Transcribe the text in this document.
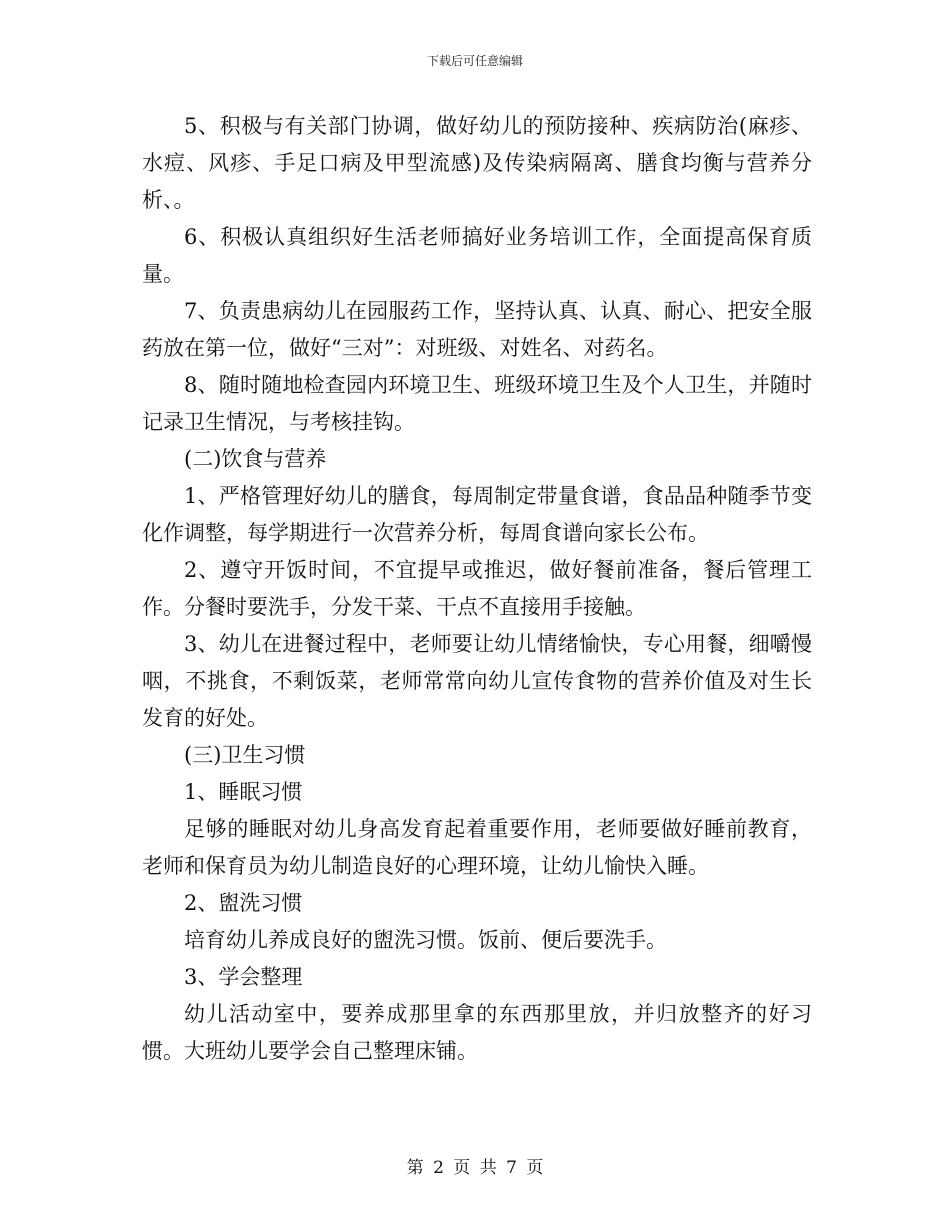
下载后可任意编辑

5、积极与有关部门协调，做好幼儿的预防接种、疾病防治(麻疹、水痘、风疹、手足口病及甲型流感)及传染病隔离、膳食均衡与营养分析、。

6、积极认真组织好生活老师搞好业务培训工作，全面提高保育质量。

7、负责患病幼儿在园服药工作，坚持认真、认真、耐心、把安全服药放在第一位，做好“三对”：对班级、对姓名、对药名。

8、随时随地检查园内环境卫生、班级环境卫生及个人卫生，并随时记录卫生情况，与考核挂钩。

(二)饮食与营养

1、严格管理好幼儿的膳食，每周制定带量食谱，食品品种随季节变化作调整，每学期进行一次营养分析，每周食谱向家长公布。

2、遵守开饭时间，不宜提早或推迟，做好餐前准备，餐后管理工作。分餐时要洗手，分发干菜、干点不直接用手接触。

3、幼儿在进餐过程中，老师要让幼儿情绪愉快，专心用餐，细嚼慢咽，不挑食，不剩饭菜，老师常常向幼儿宣传食物的营养价值及对生长发育的好处。

(三)卫生习惯

1、睡眠习惯

足够的睡眠对幼儿身高发育起着重要作用，老师要做好睡前教育，老师和保育员为幼儿制造良好的心理环境，让幼儿愉快入睡。

2、盥洗习惯

培育幼儿养成良好的盥洗习惯。饭前、便后要洗手。

3、学会整理

幼儿活动室中，要养成那里拿的东西那里放，并归放整齐的好习惯。大班幼儿要学会自己整理床铺。

第 2 页 共 7 页
